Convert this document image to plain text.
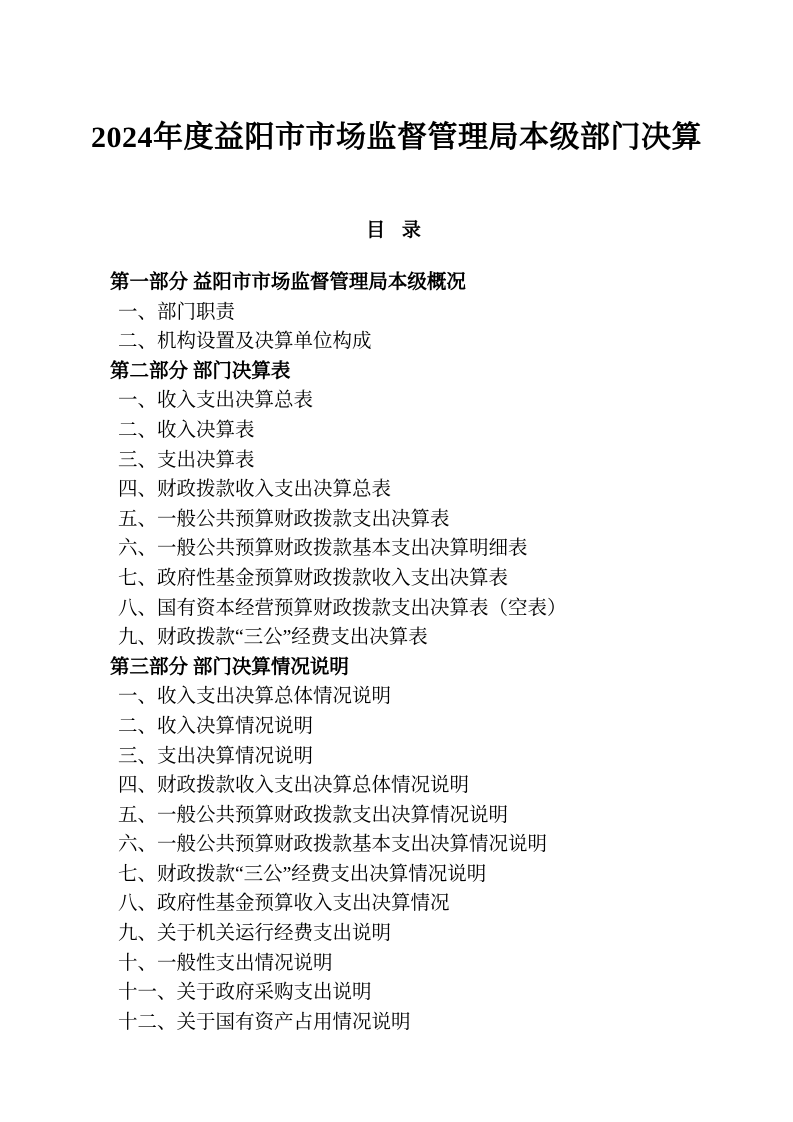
2024年度益阳市市场监督管理局本级部门决算
目 录
第一部分 益阳市市场监督管理局本级概况
一、部门职责
二、机构设置及决算单位构成
第二部分 部门决算表
一、收入支出决算总表
二、收入决算表
三、支出决算表
四、财政拨款收入支出决算总表
五、一般公共预算财政拨款支出决算表
六、一般公共预算财政拨款基本支出决算明细表
七、政府性基金预算财政拨款收入支出决算表
八、国有资本经营预算财政拨款支出决算表（空表）
九、财政拨款“三公”经费支出决算表
第三部分 部门决算情况说明
一、收入支出决算总体情况说明
二、收入决算情况说明
三、支出决算情况说明
四、财政拨款收入支出决算总体情况说明
五、一般公共预算财政拨款支出决算情况说明
六、一般公共预算财政拨款基本支出决算情况说明
七、财政拨款“三公”经费支出决算情况说明
八、政府性基金预算收入支出决算情况
九、关于机关运行经费支出说明
十、一般性支出情况说明
十一、关于政府采购支出说明
十二、关于国有资产占用情况说明
